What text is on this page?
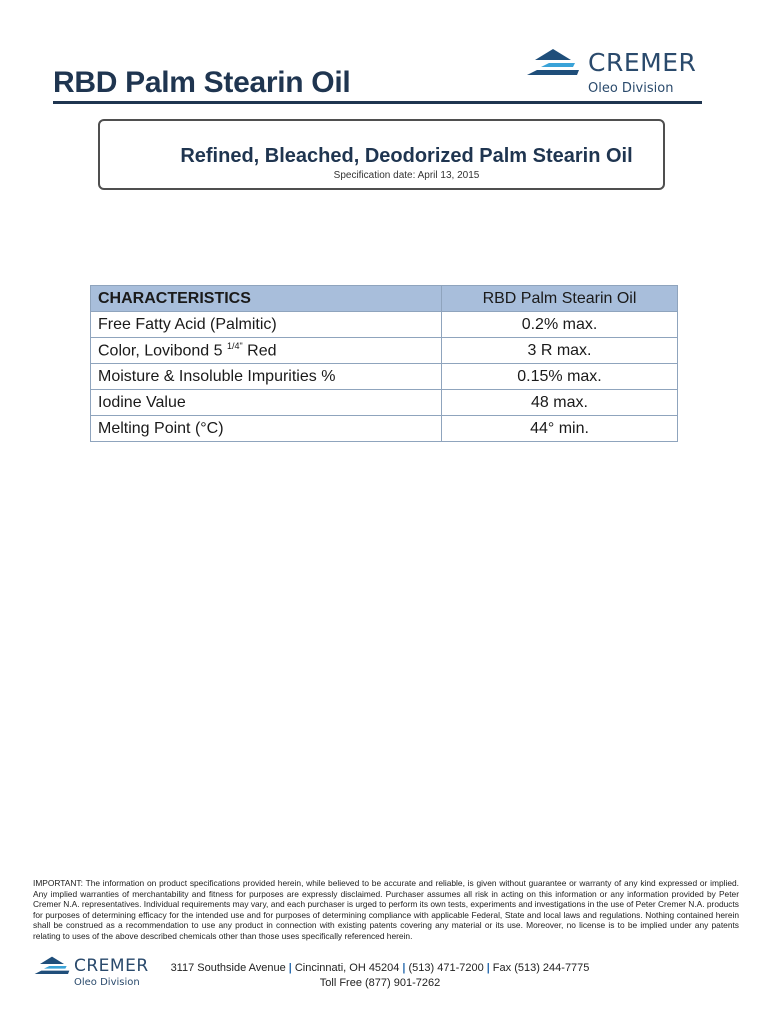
RBD Palm Stearin Oil
CREMER
Oleo Division
Refined, Bleached, Deodorized Palm Stearin Oil
Specification date: April 13, 2015
CHARACTERISTICS	RBD Palm Stearin Oil
Free Fatty Acid (Palmitic)	0.2% max.
Color, Lovibond 5 $^{1/4"}$ Red	3 R max.
Moisture & Insoluble Impurities %	0.15% max.
Iodine Value	48 max.
Melting Point (°C)	44° min.

IMPORTANT: The information on product specifications provided herein, while believed to be accurate and reliable, is given without guarantee or warranty of any kind expressed or implied. Any implied warranties of merchantability and fitness for purposes are expressly disclaimed. Purchaser assumes all risk in acting on this information or any information provided by Peter Cremer N.A. representatives. Individual requirements may vary, and each purchaser is urged to perform its own tests, experiments and investigations in the use of Peter Cremer N.A. products for purposes of determining efficacy for the intended use and for purposes of determining compliance with applicable Federal, State and local laws and regulations. Nothing contained herein shall be construed as a recommendation to use any product in connection with existing patents covering any material or its use. Moreover, no license is to be implied under any patents relating to uses of the above described chemicals other than those uses specifically referenced herein.

CREMER
Oleo Division
3117 Southside Avenue | Cincinnati, OH 45204 | (513) 471-7200 | Fax (513) 244-7775
Toll Free (877) 901-7262
